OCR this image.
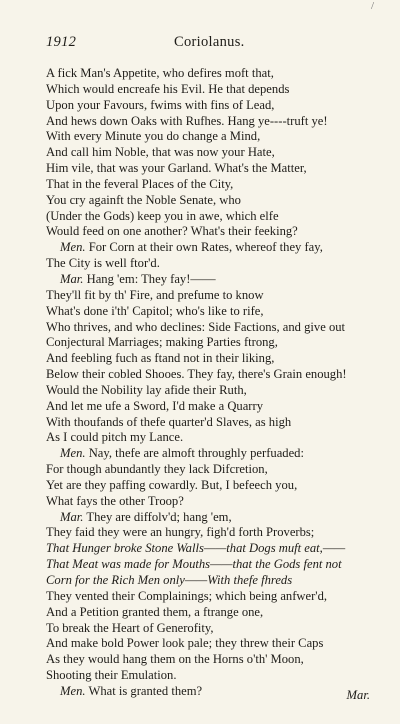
/
1912	Coriolanus.
A fick Man's Appetite, who defires moft that,
Which would encreafe his Evil. He that depends
Upon your Favours, fwims with fins of Lead,
And hews down Oaks with Rufhes. Hang ye----truft ye!
With every Minute you do change a Mind,
And call him Noble, that was now your Hate,
Him vile, that was your Garland. What's the Matter,
That in the feveral Places of the City,
You cry againft the Noble Senate, who
(Under the Gods) keep you in awe, which elfe
Would feed on one another? What's their feeking?
Men. For Corn at their own Rates, whereof they fay,
The City is well ftor'd.
Mar. Hang 'em: They fay!——
They'll fit by th' Fire, and prefume to know
What's done i'th' Capitol; who's like to rife,
Who thrives, and who declines: Side Factions, and give out
Conjectural Marriages; making Parties ftrong,
And feebling fuch as ftand not in their liking,
Below their cobled Shooes. They fay, there's Grain enough!
Would the Nobility lay afide their Ruth,
And let me ufe a Sword, I'd make a Quarry
With thoufands of thefe quarter'd Slaves, as high
As I could pitch my Lance.
Men. Nay, thefe are almoft throughly perfuaded:
For though abundantly they lack Difcretion,
Yet are they paffing cowardly. But, I befeech you,
What fays the other Troop?
Mar. They are diffolv'd; hang 'em,
They faid they were an hungry, figh'd forth Proverbs;
That Hunger broke Stone Walls——that Dogs muft eat,——
That Meat was made for Mouths——that the Gods fent not
Corn for the Rich Men only——With thefe fhreds
They vented their Complainings; which being anfwer'd,
And a Petition granted them, a ftrange one,
To break the Heart of Generofity,
And make bold Power look pale; they threw their Caps
As they would hang them on the Horns o'th' Moon,
Shooting their Emulation.
Men. What is granted them?	Mar.
